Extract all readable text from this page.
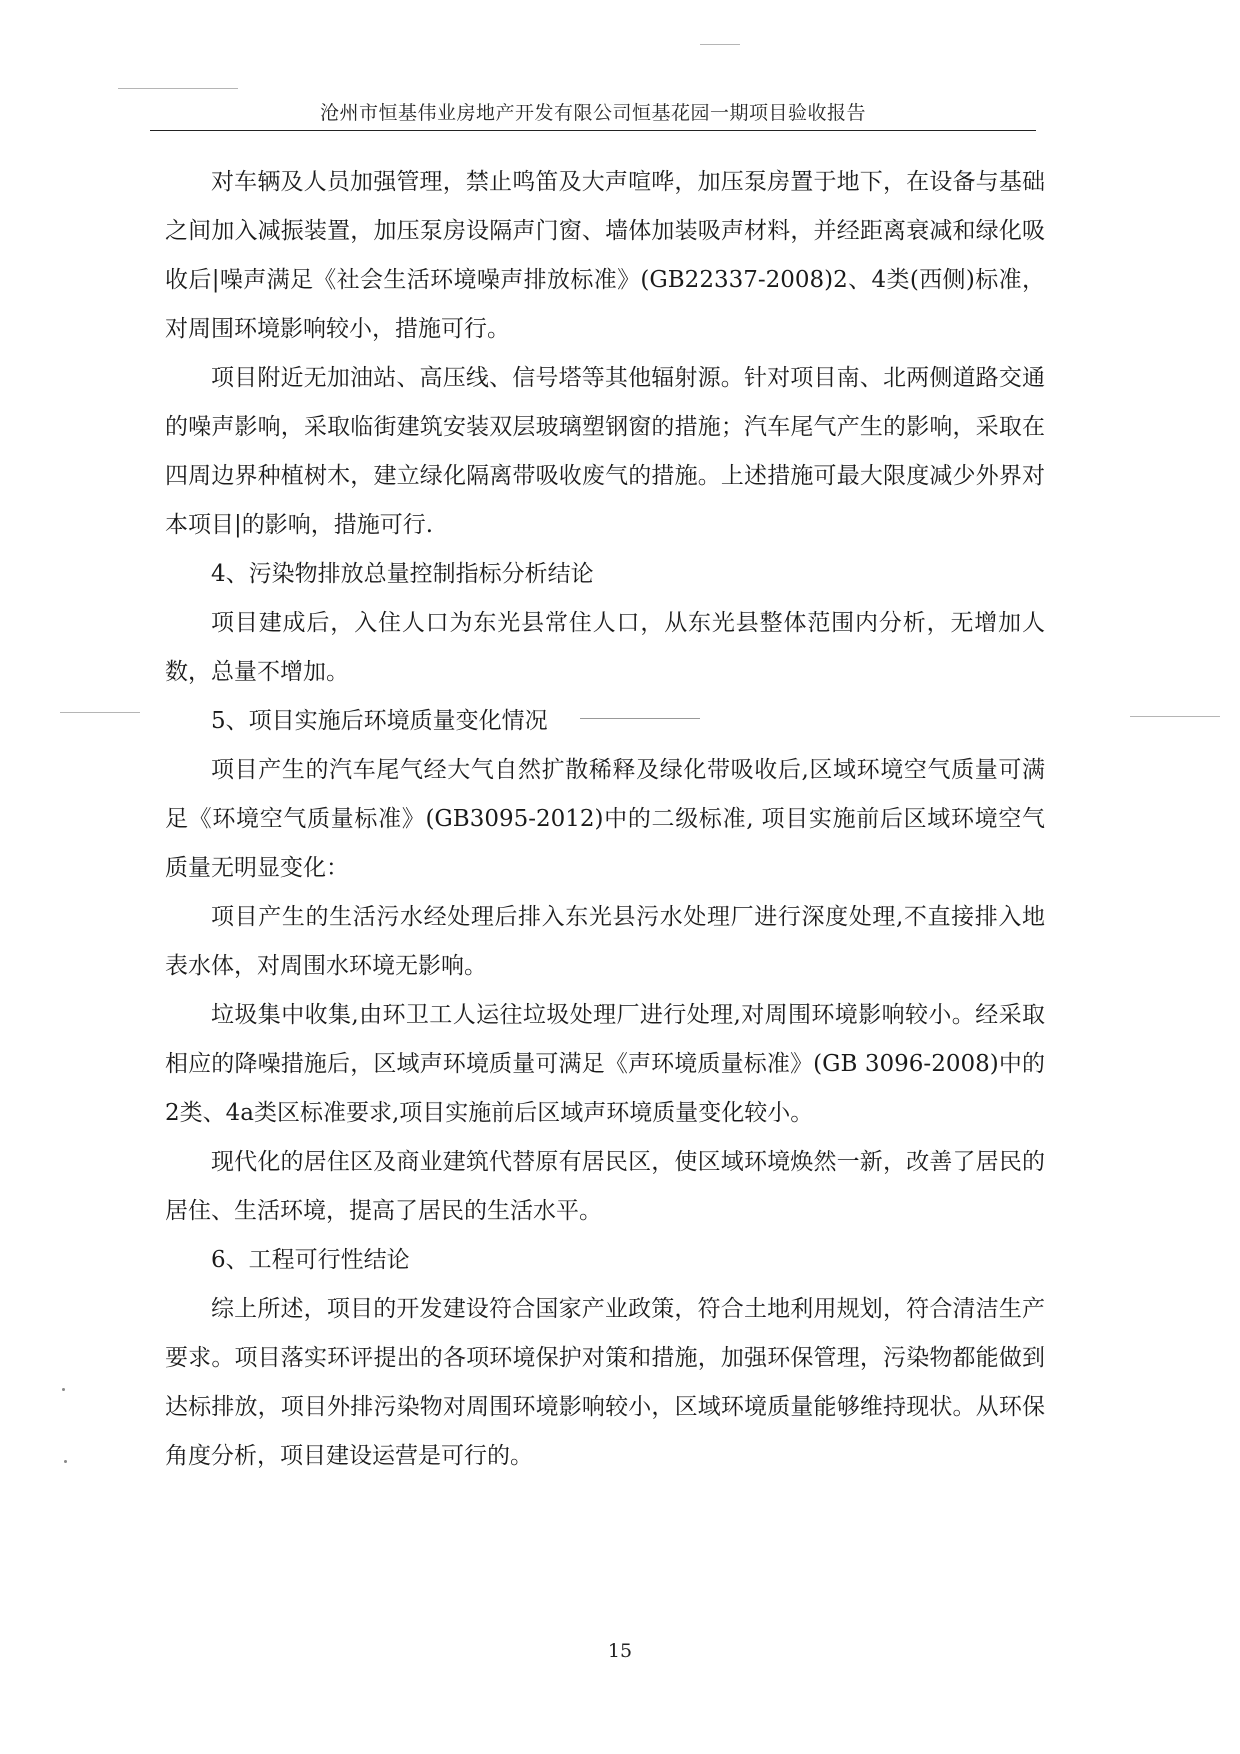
沧州市恒基伟业房地产开发有限公司恒基花园一期项目验收报告

对车辆及人员加强管理，禁止鸣笛及大声喧哗，加压泵房置于地下，在设备与基础之间加入减振装置，加压泵房设隔声门窗、墙体加装吸声材料，并经距离衰减和绿化吸收后|噪声满足《社会生活环境噪声排放标准》(GB22337-2008)2、4类(西侧)标准，对周围环境影响较小，措施可行。

项目附近无加油站、高压线、信号塔等其他辐射源。针对项目南、北两侧道路交通的噪声影响，采取临街建筑安装双层玻璃塑钢窗的措施；汽车尾气产生的影响，采取在四周边界种植树木，建立绿化隔离带吸收废气的措施。上述措施可最大限度减少外界对本项目|的影响，措施可行.

4、污染物排放总量控制指标分析结论

项目建成后，入住人口为东光县常住人口，从东光县整体范围内分析，无增加人数，总量不增加。

5、项目实施后环境质量变化情况

项目产生的汽车尾气经大气自然扩散稀释及绿化带吸收后,区域环境空气质量可满足《环境空气质量标准》(GB3095-2012)中的二级标准, 项目实施前后区域环境空气质量无明显变化：

项目产生的生活污水经处理后排入东光县污水处理厂进行深度处理,不直接排入地表水体，对周围水环境无影响。

垃圾集中收集,由环卫工人运往垃圾处理厂进行处理,对周围环境影响较小。经采取相应的降噪措施后，区域声环境质量可满足《声环境质量标准》(GB 3096-2008)中的2类、4a类区标准要求,项目实施前后区域声环境质量变化较小。

现代化的居住区及商业建筑代替原有居民区，使区域环境焕然一新，改善了居民的居住、生活环境，提高了居民的生活水平。

6、工程可行性结论

综上所述，项目的开发建设符合国家产业政策，符合土地利用规划，符合清洁生产要求。项目落实环评提出的各项环境保护对策和措施，加强环保管理，污染物都能做到达标排放，项目外排污染物对周围环境影响较小，区域环境质量能够维持现状。从环保角度分析，项目建设运营是可行的。

15
